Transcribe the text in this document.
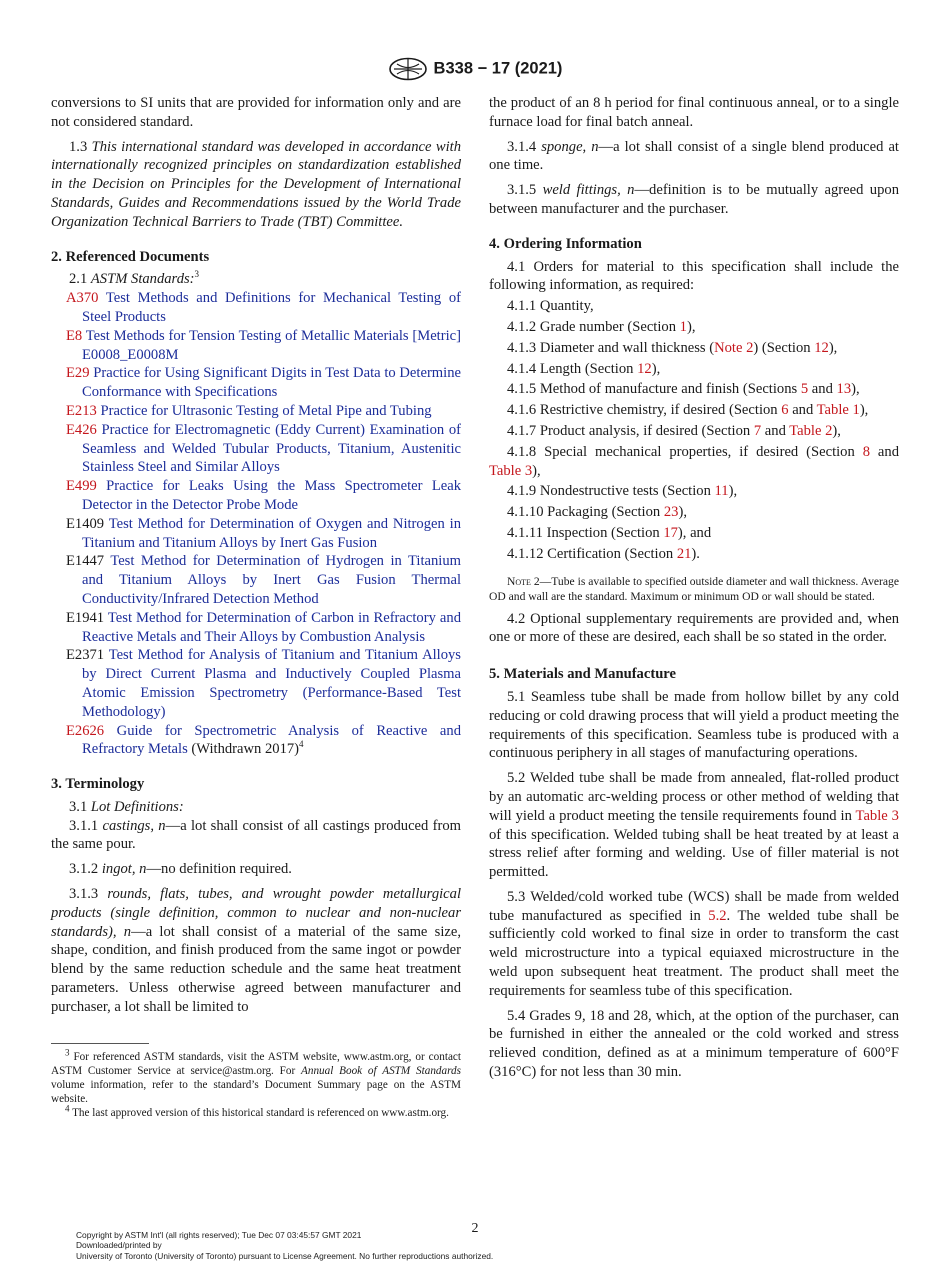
B338 − 17 (2021)

conversions to SI units that are provided for information only and are not considered standard.

1.3 This international standard was developed in accordance with internationally recognized principles on standardization established in the Decision on Principles for the Development of International Standards, Guides and Recommendations issued by the World Trade Organization Technical Barriers to Trade (TBT) Committee.

2. Referenced Documents

2.1 ASTM Standards:$^3$

A370 Test Methods and Definitions for Mechanical Testing of Steel Products

E8 Test Methods for Tension Testing of Metallic Materials [Metric] E0008_E0008M

E29 Practice for Using Significant Digits in Test Data to Determine Conformance with Specifications

E213 Practice for Ultrasonic Testing of Metal Pipe and Tubing

E426 Practice for Electromagnetic (Eddy Current) Examination of Seamless and Welded Tubular Products, Titanium, Austenitic Stainless Steel and Similar Alloys

E499 Practice for Leaks Using the Mass Spectrometer Leak Detector in the Detector Probe Mode

E1409 Test Method for Determination of Oxygen and Nitrogen in Titanium and Titanium Alloys by Inert Gas Fusion

E1447 Test Method for Determination of Hydrogen in Titanium and Titanium Alloys by Inert Gas Fusion Thermal Conductivity/Infrared Detection Method

E1941 Test Method for Determination of Carbon in Refractory and Reactive Metals and Their Alloys by Combustion Analysis

E2371 Test Method for Analysis of Titanium and Titanium Alloys by Direct Current Plasma and Inductively Coupled Plasma Atomic Emission Spectrometry (Performance-Based Test Methodology)

E2626 Guide for Spectrometric Analysis of Reactive and Refractory Metals (Withdrawn 2017)$^4$

3. Terminology

3.1 Lot Definitions:

3.1.1 castings, n—a lot shall consist of all castings produced from the same pour.

3.1.2 ingot, n—no definition required.

3.1.3 rounds, flats, tubes, and wrought powder metallurgical products (single definition, common to nuclear and non-nuclear standards), n—a lot shall consist of a material of the same size, shape, condition, and finish produced from the same ingot or powder blend by the same reduction schedule and the same heat treatment parameters. Unless otherwise agreed between manufacturer and purchaser, a lot shall be limited to

$^3$ For referenced ASTM standards, visit the ASTM website, www.astm.org, or contact ASTM Customer Service at service@astm.org. For Annual Book of ASTM Standards volume information, refer to the standard’s Document Summary page on the ASTM website.

$^4$ The last approved version of this historical standard is referenced on www.astm.org.

the product of an 8 h period for final continuous anneal, or to a single furnace load for final batch anneal.

3.1.4 sponge, n—a lot shall consist of a single blend produced at one time.

3.1.5 weld fittings, n—definition is to be mutually agreed upon between manufacturer and the purchaser.

4. Ordering Information

4.1 Orders for material to this specification shall include the following information, as required:

4.1.1 Quantity,

4.1.2 Grade number (Section 1),

4.1.3 Diameter and wall thickness (Note 2) (Section 12),

4.1.4 Length (Section 12),

4.1.5 Method of manufacture and finish (Sections 5 and 13),

4.1.6 Restrictive chemistry, if desired (Section 6 and Table 1),

4.1.7 Product analysis, if desired (Section 7 and Table 2),

4.1.8 Special mechanical properties, if desired (Section 8 and Table 3),

4.1.9 Nondestructive tests (Section 11),

4.1.10 Packaging (Section 23),

4.1.11 Inspection (Section 17), and

4.1.12 Certification (Section 21).

Note 2—Tube is available to specified outside diameter and wall thickness. Average OD and wall are the standard. Maximum or minimum OD or wall should be stated.

4.2 Optional supplementary requirements are provided and, when one or more of these are desired, each shall be so stated in the order.

5. Materials and Manufacture

5.1 Seamless tube shall be made from hollow billet by any cold reducing or cold drawing process that will yield a product meeting the requirements of this specification. Seamless tube is produced with a continuous periphery in all stages of manufacturing operations.

5.2 Welded tube shall be made from annealed, flat-rolled product by an automatic arc-welding process or other method of welding that will yield a product meeting the tensile requirements found in Table 3 of this specification. Welded tubing shall be heat treated by at least a stress relief after forming and welding. Use of filler material is not permitted.

5.3 Welded/cold worked tube (WCS) shall be made from welded tube manufactured as specified in 5.2. The welded tube shall be sufficiently cold worked to final size in order to transform the cast weld microstructure into a typical equiaxed microstructure in the weld upon subsequent heat treatment. The product shall meet the requirements for seamless tube of this specification.

5.4 Grades 9, 18 and 28, which, at the option of the purchaser, can be furnished in either the annealed or the cold worked and stress relieved condition, defined as at a minimum temperature of 600°F (316°C) for not less than 30 min.

2
Copyright by ASTM Int'l (all rights reserved); Tue Dec 07 03:45:57 GMT 2021
Downloaded/printed by
University of Toronto (University of Toronto) pursuant to License Agreement. No further reproductions authorized.
